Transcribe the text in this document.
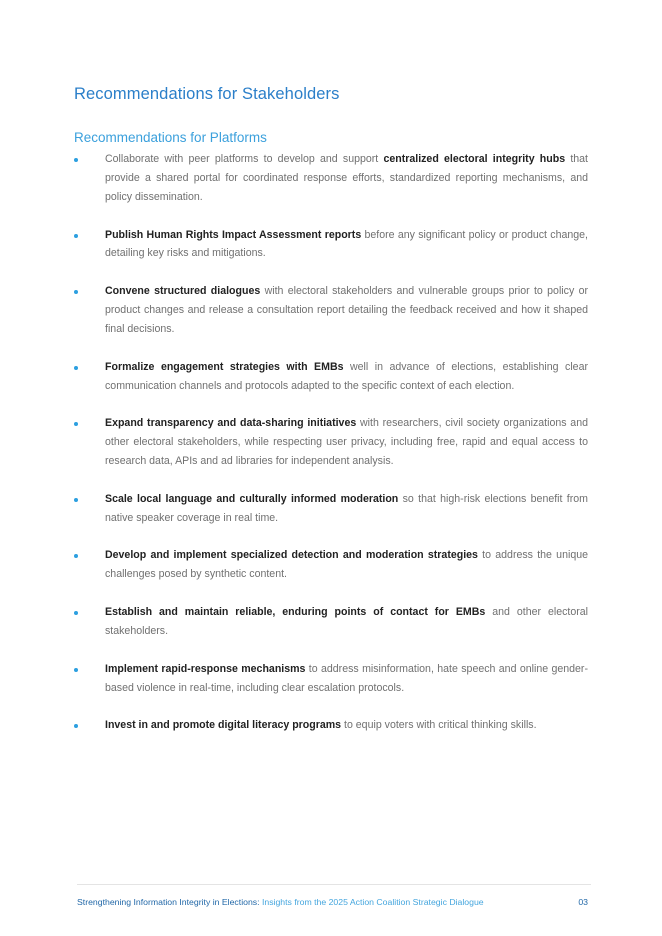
Recommendations for Stakeholders
Recommendations for Platforms
Collaborate with peer platforms to develop and support centralized electoral integrity hubs that provide a shared portal for coordinated response efforts, standardized reporting mechanisms, and policy dissemination.
Publish Human Rights Impact Assessment reports before any significant policy or product change, detailing key risks and mitigations.
Convene structured dialogues with electoral stakeholders and vulnerable groups prior to policy or product changes and release a consultation report detailing the feedback received and how it shaped final decisions.
Formalize engagement strategies with EMBs well in advance of elections, establishing clear communication channels and protocols adapted to the specific context of each election.
Expand transparency and data-sharing initiatives with researchers, civil society organizations and other electoral stakeholders, while respecting user privacy, including free, rapid and equal access to research data, APIs and ad libraries for independent analysis.
Scale local language and culturally informed moderation so that high-risk elections benefit from native speaker coverage in real time.
Develop and implement specialized detection and moderation strategies to address the unique challenges posed by synthetic content.
Establish and maintain reliable, enduring points of contact for EMBs and other electoral stakeholders.
Implement rapid-response mechanisms to address misinformation, hate speech and online gender-based violence in real-time, including clear escalation protocols.
Invest in and promote digital literacy programs to equip voters with critical thinking skills.
Strengthening Information Integrity in Elections: Insights from the 2025 Action Coalition Strategic Dialogue	03
